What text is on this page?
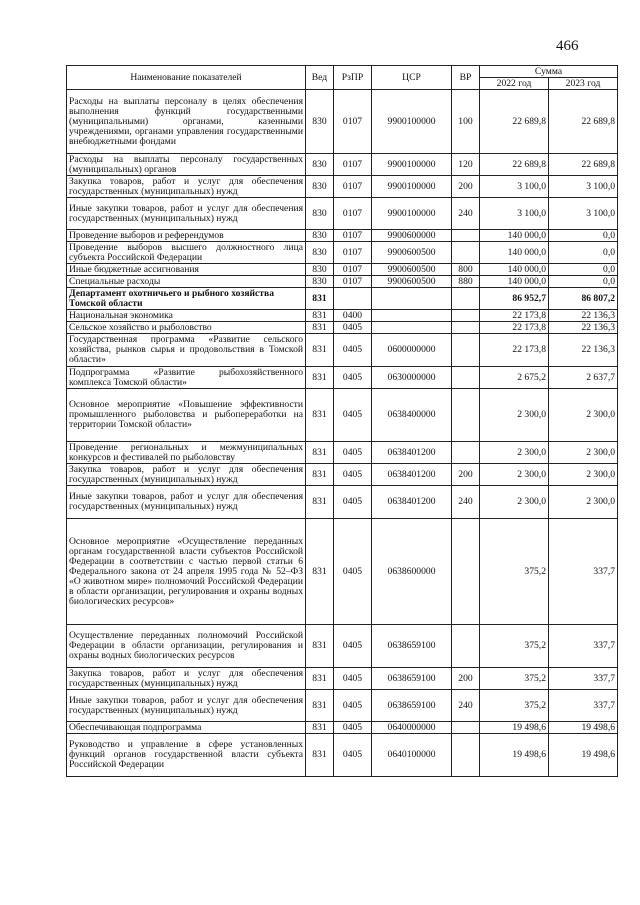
466
Наименование показателей	Вед	РзПР	ЦСР	ВР	Сумма	
					2022 год	2023 год
Расходы на выплаты персоналу в целях обеспечения выполнения функций государственными (муниципальными) органами, казенными учреждениями, органами управления государственными внебюджетными фондами	830	0107	9900100000	100	22 689,8	22 689,8
Расходы на выплаты персоналу государственных (муниципальных) органов	830	0107	9900100000	120	22 689,8	22 689,8
Закупка товаров, работ и услуг для обеспечения государственных (муниципальных) нужд	830	0107	9900100000	200	3 100,0	3 100,0
Иные закупки товаров, работ и услуг для обеспечения государственных (муниципальных) нужд	830	0107	9900100000	240	3 100,0	3 100,0
Проведение выборов и референдумов	830	0107	9900600000		140 000,0	0,0
Проведение выборов высшего должностного лица субъекта Российской Федерации	830	0107	9900600500		140 000,0	0,0
Иные бюджетные ассигнования	830	0107	9900600500	800	140 000,0	0,0
Специальные расходы	830	0107	9900600500	880	140 000,0	0,0
Департамент охотничьего и рыбного хозяйства Томской области	831				86 952,7	86 807,2
Национальная экономика	831	0400			22 173,8	22 136,3
Сельское хозяйство и рыболовство	831	0405			22 173,8	22 136,3
Государственная программа «Развитие сельского хозяйства, рынков сырья и продовольствия в Томской области»	831	0405	0600000000		22 173,8	22 136,3
Подпрограмма «Развитие рыбохозяйственного комплекса Томской области»	831	0405	0630000000		2 675,2	2 637,7
Основное мероприятие «Повышение эффективности промышленного рыболовства и рыбопереработки на территории Томской области»	831	0405	0638400000		2 300,0	2 300,0
Проведение региональных и межмуниципальных конкурсов и фестивалей по рыболовству	831	0405	0638401200		2 300,0	2 300,0
Закупка товаров, работ и услуг для обеспечения государственных (муниципальных) нужд	831	0405	0638401200	200	2 300,0	2 300,0
Иные закупки товаров, работ и услуг для обеспечения государственных (муниципальных) нужд	831	0405	0638401200	240	2 300,0	2 300,0
Основное мероприятие «Осуществление переданных органам государственной власти субъектов Российской Федерации в соответствии с частью первой статьи 6 Федерального закона от 24 апреля 1995 года № 52–ФЗ «О животном мире» полномочий Российской Федерации в области организации, регулирования и охраны водных биологических ресурсов»	831	0405	0638600000		375,2	337,7
Осуществление переданных полномочий Российской Федерации в области организации, регулирования и охраны водных биологических ресурсов	831	0405	0638659100		375,2	337,7
Закупка товаров, работ и услуг для обеспечения государственных (муниципальных) нужд	831	0405	0638659100	200	375,2	337,7
Иные закупки товаров, работ и услуг для обеспечения государственных (муниципальных) нужд	831	0405	0638659100	240	375,2	337,7
Обеспечивающая подпрограмма	831	0405	0640000000		19 498,6	19 498,6
Руководство и управление в сфере установленных функций органов государственной власти субъекта Российской Федерации	831	0405	0640100000		19 498,6	19 498,6
